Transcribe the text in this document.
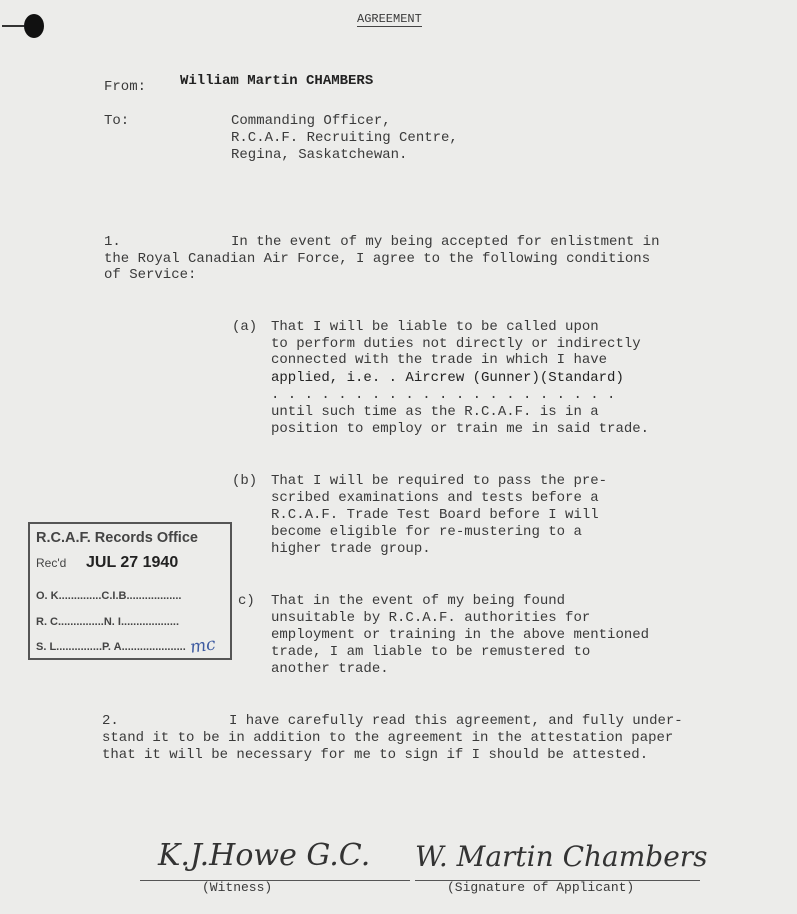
AGREEMENT
From: William Martin CHAMBERS
To:	Commanding Officer,
R.C.A.F. Recruiting Centre,
Regina, Saskatchewan.
1.	In the event of my being accepted for enlistment in
the Royal Canadian Air Force, I agree to the following conditions
of Service:
(a) That I will be liable to be called upon
to perform duties not directly or indirectly
connected with the trade in which I have
applied, i.e. . Aircrew (Gunner)(Standard)
. . . . . . . . . . . . . . . . . . . . .
until such time as the R.C.A.F. is in a
position to employ or train me in said trade.
(b) That I will be required to pass the pre-
scribed examinations and tests before a
R.C.A.F. Trade Test Board before I will
become eligible for re-mustering to a
higher trade group.
c) That in the event of my being found
unsuitable by R.C.A.F. authorities for
employment or training in the above mentioned
trade, I am liable to be remustered to
another trade.
2.	I have carefully read this agreement, and fully under-
stand it to be in addition to the agreement in the attestation paper
that it will be necessary for me to sign if I should be attested.
R.C.A.F. Records Office
Rec'd JUL 27 1940
O. K..............C.I.B..................
R. C...............N. I...................
S. L...............P. A..................... mc
K.J.Howe G.C. W. Martin Chambers
(Witness)	(Signature of Applicant)
